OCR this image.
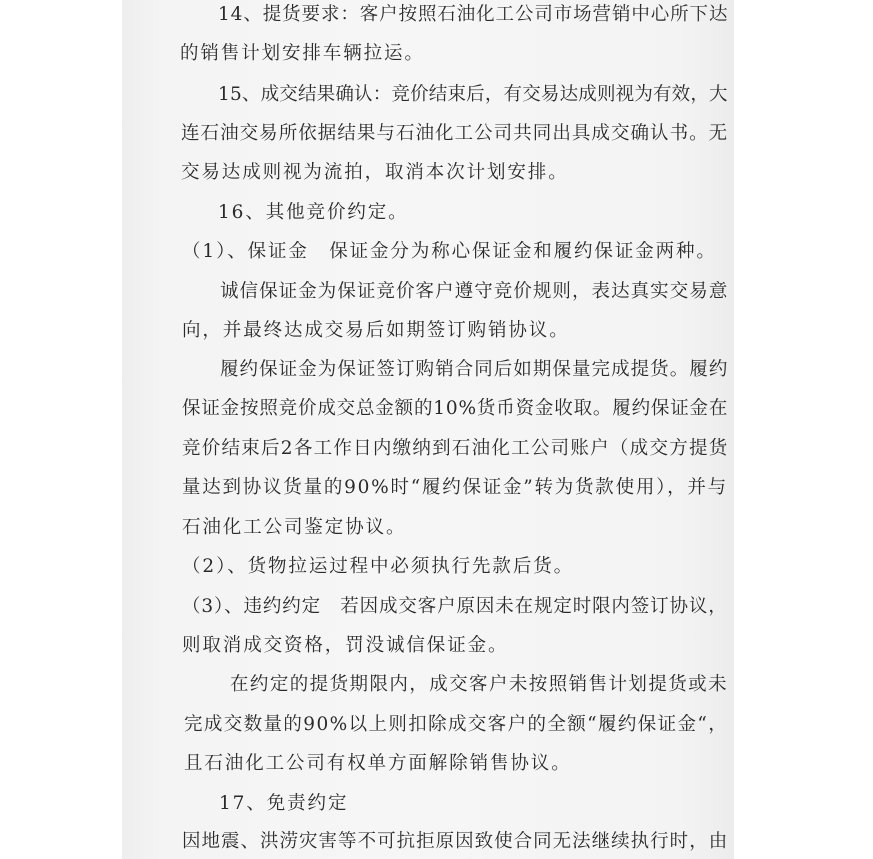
14、提货要求：客户按照石油化工公司市场营销中心所下达
的销售计划安排车辆拉运。
15、成交结果确认：竞价结束后，有交易达成则视为有效，大
连石油交易所依据结果与石油化工公司共同出具成交确认书。无
交易达成则视为流拍，取消本次计划安排。
16、其他竞价约定。
（1）、保证金　保证金分为称心保证金和履约保证金两种。
诚信保证金为保证竞价客户遵守竞价规则，表达真实交易意
向，并最终达成交易后如期签订购销协议。
履约保证金为保证签订购销合同后如期保量完成提货。履约
保证金按照竞价成交总金额的10%货币资金收取。履约保证金在
竞价结束后2各工作日内缴纳到石油化工公司账户（成交方提货
量达到协议货量的90%时“履约保证金”转为货款使用），并与
石油化工公司鉴定协议。
（2）、货物拉运过程中必须执行先款后货。
（3）、违约约定　若因成交客户原因未在规定时限内签订协议，
则取消成交资格，罚没诚信保证金。
在约定的提货期限内，成交客户未按照销售计划提货或未
完成交数量的90%以上则扣除成交客户的全额“履约保证金“，
且石油化工公司有权单方面解除销售协议。
17、免责约定
因地震、洪涝灾害等不可抗拒原因致使合同无法继续执行时，由
